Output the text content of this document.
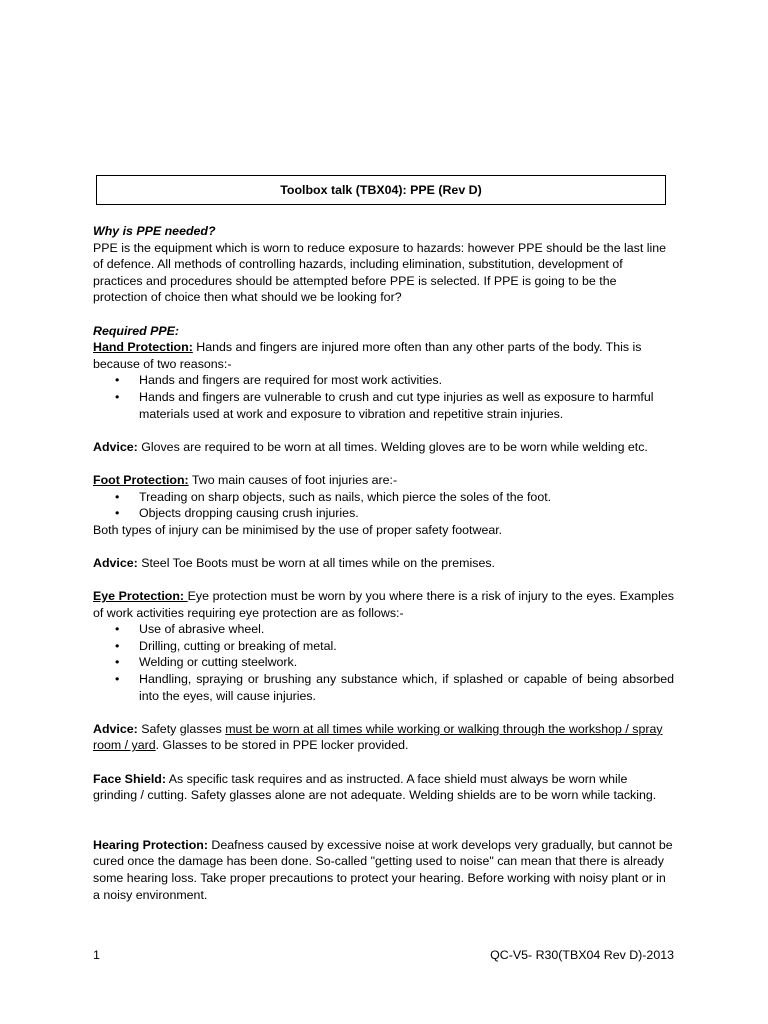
Toolbox talk (TBX04): PPE (Rev D)

Why is PPE needed?

PPE is the equipment which is worn to reduce exposure to hazards: however PPE should be the last line of defence. All methods of controlling hazards, including elimination, substitution, development of practices and procedures should be attempted before PPE is selected. If PPE is going to be the protection of choice then what should we be looking for?

Required PPE:

Hand Protection: Hands and fingers are injured more often than any other parts of the body. This is because of two reasons:-

• Hands and fingers are required for most work activities.
• Hands and fingers are vulnerable to crush and cut type injuries as well as exposure to harmful materials used at work and exposure to vibration and repetitive strain injuries.

Advice: Gloves are required to be worn at all times. Welding gloves are to be worn while welding etc.

Foot Protection: Two main causes of foot injuries are:-

• Treading on sharp objects, such as nails, which pierce the soles of the foot.
• Objects dropping causing crush injuries.

Both types of injury can be minimised by the use of proper safety footwear.

Advice: Steel Toe Boots must be worn at all times while on the premises.

Eye Protection: Eye protection must be worn by you where there is a risk of injury to the eyes. Examples of work activities requiring eye protection are as follows:-

• Use of abrasive wheel.
• Drilling, cutting or breaking of metal.
• Welding or cutting steelwork.
• Handling, spraying or brushing any substance which, if splashed or capable of being absorbed into the eyes, will cause injuries.

Advice: Safety glasses must be worn at all times while working or walking through the workshop / spray room / yard. Glasses to be stored in PPE locker provided.

Face Shield: As specific task requires and as instructed. A face shield must always be worn while grinding / cutting. Safety glasses alone are not adequate. Welding shields are to be worn while tacking.

Hearing Protection: Deafness caused by excessive noise at work develops very gradually, but cannot be cured once the damage has been done. So-called "getting used to noise" can mean that there is already some hearing loss. Take proper precautions to protect your hearing. Before working with noisy plant or in a noisy environment.

1	QC-V5- R30(TBX04 Rev D)-2013
